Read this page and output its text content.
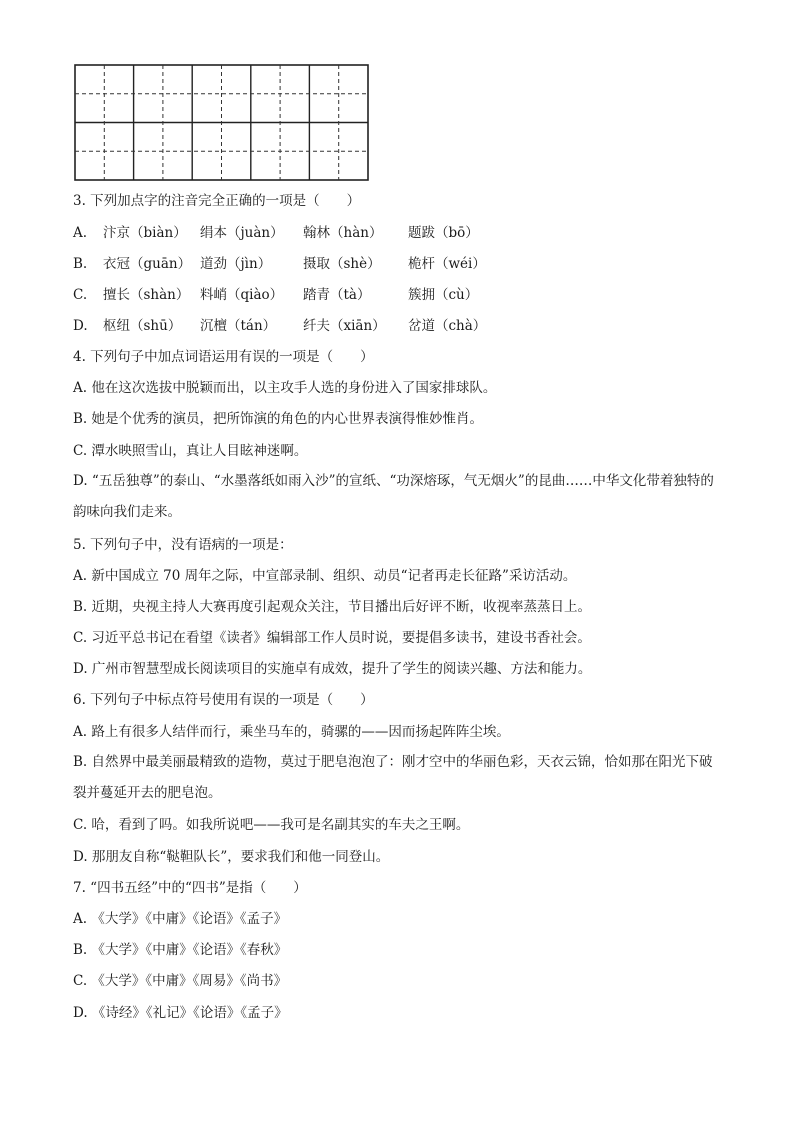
3. 下列加点字的注音完全正确的一项是（　　）
A. 汴京（biàn） 绢本（juàn） 翰林（hàn） 题跋（bō）
B. 衣冠（guān） 道劲（jìn） 摄取（shè） 桅杆（wéi）
C. 擅长（shàn） 料峭（qiào） 踏青（tà）	簇拥（cù）
D. 枢纽（shū） 沉檀（tán） 纤夫（xiān） 岔道（chà）
4. 下列句子中加点词语运用有误的一项是（　　）
A. 他在这次选拔中脱颖而出，以主攻手人选的身份进入了国家排球队。
B. 她是个优秀的演员，把所饰演的角色的内心世界表演得惟妙惟肖。
C. 潭水映照雪山，真让人目眩神迷啊。
D. “五岳独尊”的泰山、“水墨落纸如雨入沙”的宣纸、“功深熔琢，气无烟火”的昆曲……中华文化带着独特的韵味向我们走来。
5. 下列句子中，没有语病的一项是：
A. 新中国成立 70 周年之际，中宣部录制、组织、动员“记者再走长征路”采访活动。
B. 近期，央视主持人大赛再度引起观众关注，节目播出后好评不断，收视率蒸蒸日上。
C. 习近平总书记在看望《读者》编辑部工作人员时说，要提倡多读书，建设书香社会。
D. 广州市智慧型成长阅读项目的实施卓有成效，提升了学生的阅读兴趣、方法和能力。
6. 下列句子中标点符号使用有误的一项是（　　）
A. 路上有很多人结伴而行，乘坐马车的，骑骡的——因而扬起阵阵尘埃。
B. 自然界中最美丽最精致的造物，莫过于肥皂泡泡了：刚才空中的华丽色彩，天衣云锦，恰如那在阳光下破裂并蔓延开去的肥皂泡。
C. 哈，看到了吗。如我所说吧——我可是名副其实的车夫之王啊。
D. 那朋友自称“鞑靼队长”，要求我们和他一同登山。
7. “四书五经”中的“四书”是指（　　）
A. 《大学》《中庸》《论语》《孟子》
B. 《大学》《中庸》《论语》《春秋》
C. 《大学》《中庸》《周易》《尚书》
D. 《诗经》《礼记》《论语》《孟子》
